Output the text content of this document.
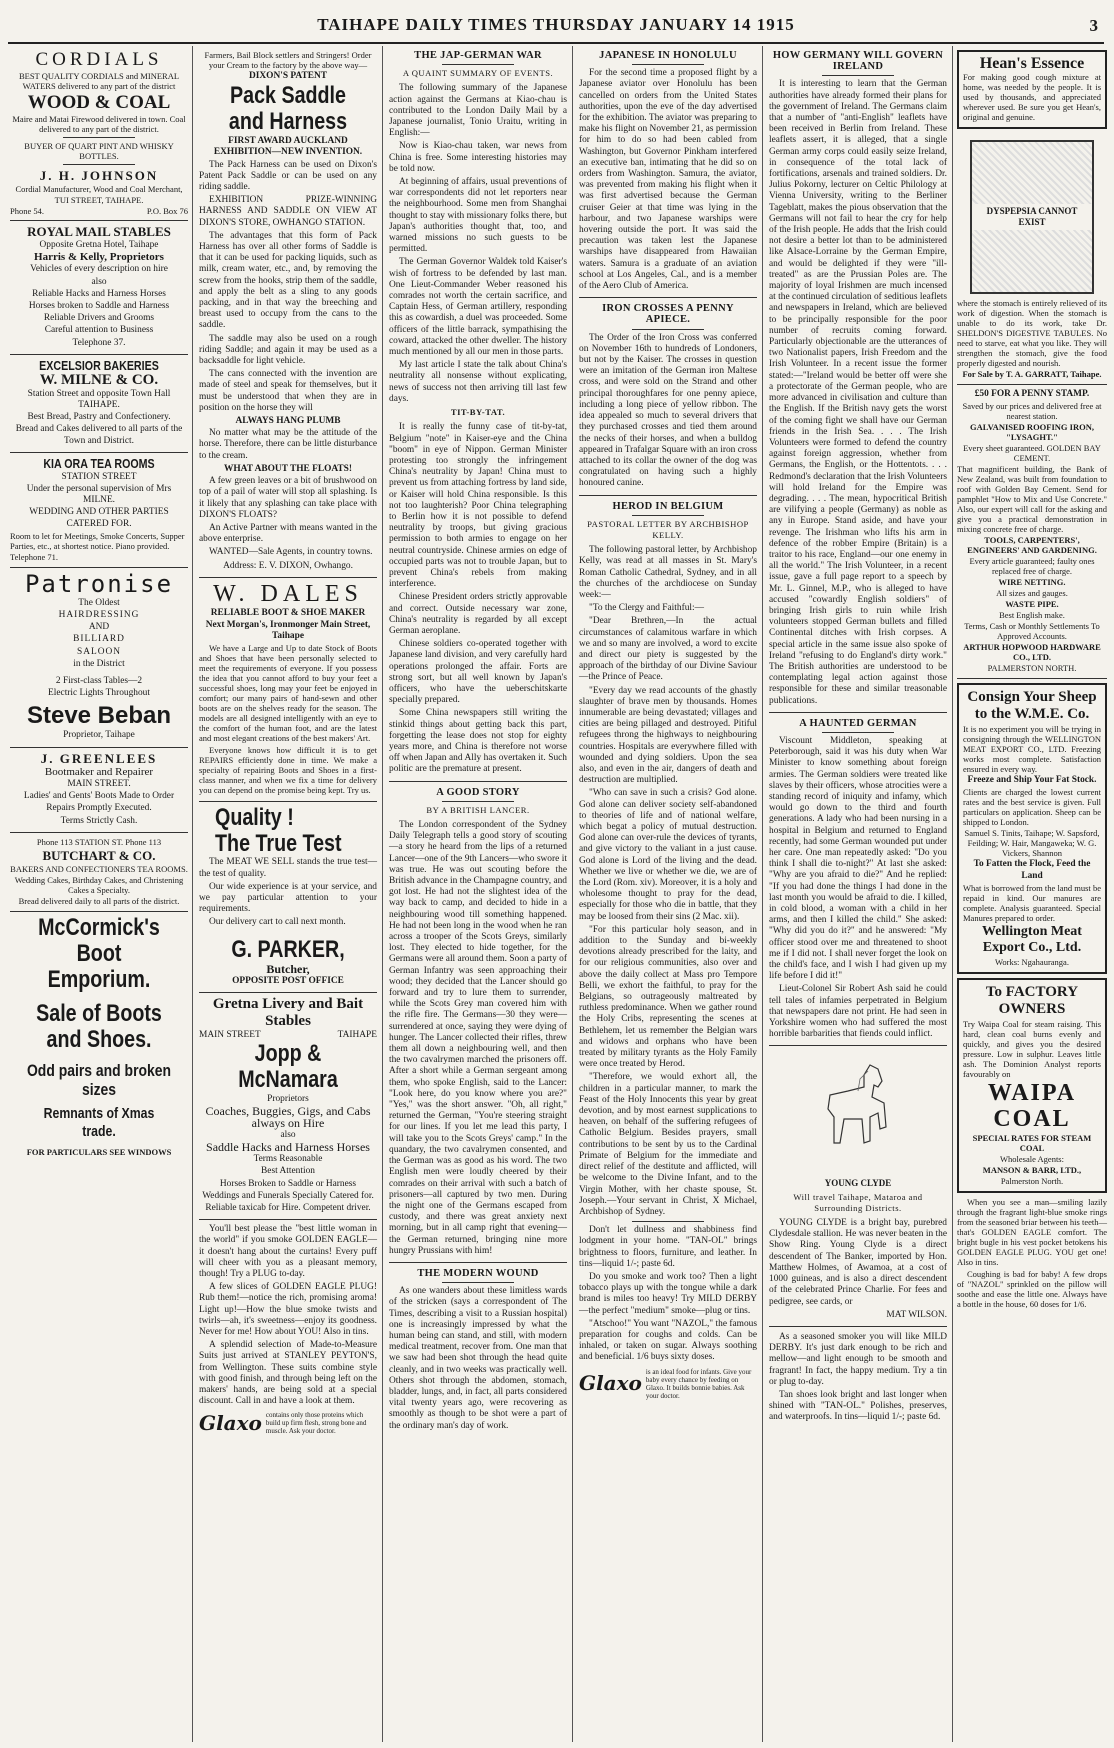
TAIHAPE DAILY TIMES THURSDAY JANUARY 14 1915	3
CORDIALS

BEST QUALITY CORDIALS and MINERAL WATERS delivered to any part of the district

WOOD & COAL

Maire and Matai Firewood delivered in town. Coal delivered to any part of the district.

BUYER OF QUART PINT AND WHISKY BOTTLES.

J. H. JOHNSON

Cordial Manufacturer, Wood and Coal Merchant,

TUI STREET, TAIHAPE.

Phone 54.	P.O. Box 76
ROYAL MAIL STABLES

Opposite Gretna Hotel, Taihape

Harris & Kelly, Proprietors

Vehicles of every description on hire

also

Reliable Hacks and Harness Horses

Horses broken to Saddle and Harness

Reliable Drivers and Grooms

Careful attention to Business

Telephone 37.

EXCELSIOR BAKERIES
W. MILNE & CO.

Station Street and opposite Town Hall TAIHAPE.

Best Bread, Pastry and Confectionery.

Bread and Cakes delivered to all parts of the Town and District.

KIA ORA TEA ROOMS

STATION STREET

Under the personal supervision of Mrs MILNE.

WEDDING AND OTHER PARTIES CATERED FOR.

Room to let for Meetings, Smoke Concerts, Supper Parties, etc., at shortest notice. Piano provided.

Telephone 71.

Patronise

The Oldest

HAIRDRESSING

AND

BILLIARD

SALOON

in the District

2 First-class Tables—2

Electric Lights Throughout

Steve Beban

Proprietor, Taihape

J. GREENLEES

Bootmaker and Repairer

MAIN STREET.

Ladies' and Gents' Boots Made to Order

Repairs Promptly Executed.

Terms Strictly Cash.

Phone 113 STATION ST. Phone 113

BUTCHART & CO.

BAKERS AND CONFECTIONERS TEA ROOMS.

Wedding Cakes, Birthday Cakes, and Christening Cakes a Specialty.

Bread delivered daily to all parts of the district.

McCormick's Boot Emporium.
Sale of Boots and Shoes.
Odd pairs and broken sizes
Remnants of Xmas trade.

FOR PARTICULARS SEE WINDOWS

Farmers, Bail Block settlers and Stringers! Order your Cream to the factory by the above way—

DIXON'S PATENT

Pack Saddle and Harness

FIRST AWARD AUCKLAND EXHIBITION—NEW INVENTION.

The Pack Harness can be used on Dixon's Patent Pack Saddle or can be used on any riding saddle.

EXHIBITION PRIZE-WINNING HARNESS AND SADDLE ON VIEW AT DIXON'S STORE, OWHANGO STATION.

The advantages that this form of Pack Harness has over all other forms of Saddle is that it can be used for packing liquids, such as milk, cream water, etc., and, by removing the screw from the hooks, strip them of the saddle, and apply the belt as a sling to any goods packing, and in that way the breeching and breast used to occupy from the cans to the saddle.

The saddle may also be used on a rough riding Saddle; and again it may be used as a backsaddle for light vehicle.

The cans connected with the invention are made of steel and speak for themselves, but it must be understood that when they are in position on the horse they will

ALWAYS HANG PLUMB

No matter what may be the attitude of the horse. Therefore, there can be little disturbance to the cream.

WHAT ABOUT THE FLOATS!

A few green leaves or a bit of brushwood on top of a pail of water will stop all splashing. Is it likely that any splashing can take place with DIXON'S FLOATS?

An Active Partner with means wanted in the above enterprise.

WANTED—Sale Agents, in country towns.

Address: E. V. DIXON, Owhango.

W. DALES

RELIABLE BOOT & SHOE MAKER

Next Morgan's, Ironmonger Main Street, Taihape

We have a Large and Up to date Stock of Boots and Shoes that have been personally selected to meet the requirements of everyone. If you possess the idea that you cannot afford to buy your feet a successful shoes, long may your feet be enjoyed in comfort; our many pairs of hand-sewn and other boots are on the shelves ready for the season. The models are all designed intelligently with an eye to the comfort of the human foot, and are the latest and most elegant creations of the best makers' Art.

Everyone knows how difficult it is to get REPAIRS efficiently done in time. We make a specialty of repairing Boots and Shoes in a first-class manner, and when we fix a time for delivery you can depend on the promise being kept. Try us.

Quality !
The True Test

The MEAT WE SELL stands the true test—the test of quality.

Our wide experience is at your service, and we pay particular attention to your requirements.

Our delivery cart to call next month.

G. PARKER,

Butcher,

OPPOSITE POST OFFICE

Gretna Livery and Bait Stables
MAIN STREET	TAIHAPE
Jopp & McNamara

Proprietors

Coaches, Buggies, Gigs, and Cabs always on Hire

also

Saddle Hacks and Harness Horses

Terms Reasonable

Best Attention

Horses Broken to Saddle or Harness

Weddings and Funerals Specially Catered for.

Reliable taxicab for Hire. Competent driver.

You'll best please the "best little woman in the world" if you smoke GOLDEN EAGLE—it doesn't hang about the curtains! Every puff will cheer with you as a pleasant memory, though! Try a PLUG to-day.

A few slices of GOLDEN EAGLE PLUG! Rub them!—notice the rich, promising aroma! Light up!—How the blue smoke twists and twirls—ah, it's sweetness—enjoy its goodness. Never for me! How about YOU! Also in tins.

A splendid selection of Made-to-Measure Suits just arrived at STANLEY PEYTON'S, from Wellington. These suits combine style with good finish, and through being left on the makers' hands, are being sold at a special discount. Call in and have a look at them.

Glaxo contains only those proteins which build up firm flesh, strong bone and muscle. Ask your doctor.
THE JAP-GERMAN WAR
A QUAINT SUMMARY OF EVENTS.

The following summary of the Japanese action against the Germans at Kiao-chau is contributed to the London Daily Mail by a Japanese journalist, Tonio Uraitu, writing in English:—

Now is Kiao-chau taken, war news from China is free. Some interesting histories may be told now.

At beginning of affairs, usual preventions of war correspondents did not let reporters near the neighbourhood. Some men from Shanghai thought to stay with missionary folks there, but Japan's authorities thought that, too, and warned missions no such guests to be permitted.

The German Governor Waldek told Kaiser's wish of fortress to be defended by last man. One Lieut-Commander Weber reasoned his comrades not worth the certain sacrifice, and Captain Hess, of German artillery, responding this as cowardish, a duel was proceeded. Some officers of the little barrack, sympathising the coward, attacked the other dweller. The history much mentioned by all our men in those parts.

My last article I state the talk about China's neutrality all nonsense without explicating, news of success not then arriving till last few days.

TIT-BY-TAT.

It is really the funny case of tit-by-tat, Belgium "note" in Kaiser-eye and the China "boom" in eye of Nippon. German Minister protesting too strongly the infringement China's neutrality by Japan! China must to prevent us from attaching fortress by land side, or Kaiser will hold China responsible. Is this not too laughterish? Poor China telegraphing to Berlin how it is not possible to defend neutrality by troops, but giving gracious permission to both armies to engage on her neutral countryside. Chinese armies on edge of occupied parts was not to trouble Japan, but to prevent China's rebels from making interference.

Chinese President orders strictly approvable and correct. Outside necessary war zone, China's neutrality is regarded by all except German aeroplane.

Chinese soldiers co-operated together with Japanese land division, and very carefully hard operations prolonged the affair. Forts are strong sort, but all well known by Japan's officers, who have the ueberschitskarte specially prepared.

Some China newspapers still writing the stinkid things about getting back this part, forgetting the lease does not stop for eighty years more, and China is therefore not worse off when Japan and Ally has overtaken it. Such politic are the premature at present.

A GOOD STORY
BY A BRITISH LANCER.

The London correspondent of the Sydney Daily Telegraph tells a good story of scouting—a story he heard from the lips of a returned Lancer—one of the 9th Lancers—who swore it was true. He was out scouting before the British advance in the Champagne country, and got lost. He had not the slightest idea of the way back to camp, and decided to hide in a neighbouring wood till something happened. He had not been long in the wood when he ran across a trooper of the Scots Greys, similarly lost. They elected to hide together, for the Germans were all around them. Soon a party of German Infantry was seen approaching their wood; they decided that the Lancer should go forward and try to lure them to surrender, while the Scots Grey man covered him with the rifle fire. The Germans—30 they were—surrendered at once, saying they were dying of hunger. The Lancer collected their rifles, threw them all down a neighbouring well, and then the two cavalrymen marched the prisoners off. After a short while a German sergeant among them, who spoke English, said to the Lancer: "Look here, do you know where you are?" "Yes," was the short answer. "Oh, all right," returned the German, "You're steering straight for our lines. If you let me lead this party, I will take you to the Scots Greys' camp." In the quandary, the two cavalrymen consented, and the German was as good as his word. The two English men were loudly cheered by their comrades on their arrival with such a batch of prisoners—all captured by two men. During the night one of the Germans escaped from custody, and there was great anxiety next morning, but in all camp right that evening—the German returned, bringing nine more hungry Prussians with him!

THE MODERN WOUND

As one wanders about these limitless wards of the stricken (says a correspondent of The Times, describing a visit to a Russian hospital) one is increasingly impressed by what the human being can stand, and still, with modern medical treatment, recover from. One man that we saw had been shot through the head quite cleanly, and in two weeks was practically well. Others shot through the abdomen, stomach, bladder, lungs, and, in fact, all parts considered vital twenty years ago, were recovering as smoothly as though to be shot were a part of the ordinary man's day of work.

JAPANESE IN HONOLULU

For the second time a proposed flight by a Japanese aviator over Honolulu has been cancelled on orders from the United States authorities, upon the eve of the day advertised for the exhibition. The aviator was preparing to make his flight on November 21, as permission for him to do so had been cabled from Washington, but Governor Pinkham interfered an executive ban, intimating that he did so on orders from Washington. Samura, the aviator, was prevented from making his flight when it was first advertised because the German cruiser Geier at that time was lying in the harbour, and two Japanese warships were hovering outside the port. It was said the precaution was taken lest the Japanese warships have disappeared from Hawaiian waters. Samura is a graduate of an aviation school at Los Angeles, Cal., and is a member of the Aero Club of America.

IRON CROSSES A PENNY APIECE.

The Order of the Iron Cross was conferred on November 16th to hundreds of Londoners, but not by the Kaiser. The crosses in question were an imitation of the German iron Maltese cross, and were sold on the Strand and other principal thoroughfares for one penny apiece, including a long piece of yellow ribbon. The idea appealed so much to several drivers that they purchased crosses and tied them around the necks of their horses, and when a bulldog appeared in Trafalgar Square with an iron cross attached to its collar the owner of the dog was congratulated on having such a highly honoured canine.

HEROD IN BELGIUM
PASTORAL LETTER BY ARCHBISHOP KELLY.

The following pastoral letter, by Archbishop Kelly, was read at all masses in St. Mary's Roman Catholic Cathedral, Sydney, and in all the churches of the archdiocese on Sunday week:—

"To the Clergy and Faithful:—

"Dear Brethren,—In the actual circumstances of calamitous warfare in which we and so many are involved, a word to excite and direct our piety is suggested by the approach of the birthday of our Divine Saviour—the Prince of Peace.

"Every day we read accounts of the ghastly slaughter of brave men by thousands. Homes innumerable are being devastated; villages and cities are being pillaged and destroyed. Pitiful refugees throng the highways to neighbouring countries. Hospitals are everywhere filled with wounded and dying soldiers. Upon the sea also, and even in the air, dangers of death and destruction are multiplied.

"Who can save in such a crisis? God alone. God alone can deliver society self-abandoned to theories of life and of national welfare, which begat a policy of mutual destruction. God alone can over-rule the devices of tyrants, and give victory to the valiant in a just cause. God alone is Lord of the living and the dead. Whether we live or whether we die, we are of the Lord (Rom. xiv). Moreover, it is a holy and wholesome thought to pray for the dead, especially for those who die in battle, that they may be loosed from their sins (2 Mac. xii).

"For this particular holy season, and in addition to the Sunday and bi-weekly devotions already prescribed for the laity, and for our religious communities, also over and above the daily collect at Mass pro Tempore Belli, we exhort the faithful, to pray for the Belgians, so outrageously maltreated by ruthless predominance. When we gather round the Holy Cribs, representing the scenes at Bethlehem, let us remember the Belgian wars and widows and orphans who have been treated by military tyrants as the Holy Family were once treated by Herod.

"Therefore, we would exhort all, the children in a particular manner, to mark the Feast of the Holy Innocents this year by great devotion, and by most earnest supplications to heaven, on behalf of the suffering refugees of Catholic Belgium. Besides prayers, small contributions to be sent by us to the Cardinal Primate of Belgium for the immediate and direct relief of the destitute and afflicted, will be welcome to the Divine Infant, and to the Virgin Mother, with her chaste spouse, St. Joseph.—Your servant in Christ, X Michael, Archbishop of Sydney.

Don't let dullness and shabbiness find lodgment in your home. "TAN-OL" brings brightness to floors, furniture, and leather. In tins—liquid 1/-; paste 6d.

Do you smoke and work too? Then a light tobacco plays up with the tongue while a dark brand is miles too heavy! Try MILD DERBY—the perfect "medium" smoke—plug or tins.

"Atschoo!" You want "NAZOL," the famous preparation for coughs and colds. Can be inhaled, or taken on sugar. Always soothing and beneficial. 1/6 buys sixty doses.

Glaxo is an ideal food for infants. Give your baby every chance by feeding on Glaxo. It builds bonnie babies. Ask your doctor.
HOW GERMANY WILL GOVERN IRELAND

It is interesting to learn that the German authorities have already formed their plans for the government of Ireland. The Germans claim that a number of "anti-English" leaflets have been received in Berlin from Ireland. These leaflets assert, it is alleged, that a single German army corps could easily seize Ireland, in consequence of the total lack of fortifications, arsenals and trained soldiers. Dr. Julius Pokorny, lecturer on Celtic Philology at Vienna University, writing to the Berliner Tageblatt, makes the pious observation that the Germans will not fail to hear the cry for help of the Irish people. He adds that the Irish could not desire a better lot than to be administered like Alsace-Lorraine by the German Empire, and would be delighted if they were "ill-treated" as are the Prussian Poles are. The majority of loyal Irishmen are much incensed at the continued circulation of seditious leaflets and newspapers in Ireland, which are believed to be principally responsible for the poor number of recruits coming forward. Particularly objectionable are the utterances of two Nationalist papers, Irish Freedom and the Irish Volunteer. In a recent issue the former stated:—"Ireland would be better off were she a protectorate of the German people, who are more advanced in civilisation and culture than the English. If the British navy gets the worst of the coming fight we shall have our German friends in the Irish Sea. . . . The Irish Volunteers were formed to defend the country against foreign aggression, whether from Germans, the English, or the Hottentots. . . . Redmond's declaration that the Irish Volunteers will hold Ireland for the Empire was degrading. . . . The mean, hypocritical British are vilifying a people (Germany) as noble as any in Europe. Stand aside, and have your revenge. The Irishman who lifts his arm in defence of the robber Empire (Britain) is a traitor to his race, England—our one enemy in all the world." The Irish Volunteer, in a recent issue, gave a full page report to a speech by Mr. L. Ginnel, M.P., who is alleged to have accused "cowardly English soldiers" of bringing Irish girls to ruin while Irish volunteers stopped German bullets and filled Continental ditches with Irish corpses. A special article in the same issue also spoke of Ireland "refusing to do England's dirty work." The British authorities are understood to be contemplating legal action against those responsible for these and similar treasonable publications.

A HAUNTED GERMAN

Viscount Middleton, speaking at Peterborough, said it was his duty when War Minister to know something about foreign armies. The German soldiers were treated like slaves by their officers, whose atrocities were a standing record of iniquity and infamy, which would go down to the third and fourth generations. A lady who had been nursing in a hospital in Belgium and returned to England recently, had some German wounded put under her care. One man repeatedly asked: "Do you think I shall die to-night?" At last she asked: "Why are you afraid to die?" And he replied: "If you had done the things I had done in the last month you would be afraid to die. I killed, in cold blood, a woman with a child in her arms, and then I killed the child." She asked: "Why did you do it?" and he answered: "My officer stood over me and threatened to shoot me if I did not. I shall never forget the look on the child's face, and I wish I had given up my life before I did it!"

Lieut-Colonel Sir Robert Ash said he could tell tales of infamies perpetrated in Belgium that newspapers dare not print. He had seen in Yorkshire women who had suffered the most horrible barbarities that fiends could inflict.

YOUNG CLYDE
Will travel Taihape, Mataroa and Surrounding Districts.

YOUNG CLYDE is a bright bay, purebred Clydesdale stallion. He was never beaten in the Show Ring. Young Clyde is a direct descendent of The Banker, imported by Hon. Matthew Holmes, of Awamoa, at a cost of 1000 guineas, and is also a direct descendent of the celebrated Prince Charlie. For fees and pedigree, see cards, or

MAT WILSON.

As a seasoned smoker you will like MILD DERBY. It's just dark enough to be rich and mellow—and light enough to be smooth and fragrant! In fact, the happy medium. Try a tin or plug to-day.

Tan shoes look bright and last longer when shined with "TAN-OL." Polishes, preserves, and waterproofs. In tins—liquid 1/-; paste 6d.

Hean's Essence

For making good cough mixture at home, was needed by the people. It is used by thousands, and appreciated wherever used. Be sure you get Hean's, original and genuine.

DYSPEPSIA CANNOT EXIST

where the stomach is entirely relieved of its work of digestion. When the stomach is unable to do its work, take Dr. SHELDON'S DIGESTIVE TABULES. No need to starve, eat what you like. They will strengthen the stomach, give the food properly digested and nourish.

For Sale by T. A. GARRATT, Taihape.

£50 FOR A PENNY STAMP.

Saved by our prices and delivered free at nearest station.

GALVANISED ROOFING IRON, "LYSAGHT."

Every sheet guaranteed. GOLDEN BAY CEMENT.

That magnificent building, the Bank of New Zealand, was built from foundation to roof with Golden Bay Cement. Send for pamphlet "How to Mix and Use Concrete." Also, our expert will call for the asking and give you a practical demonstration in mixing concrete free of charge.

TOOLS, CARPENTERS', ENGINEERS' AND GARDENING.

Every article guaranteed; faulty ones replaced free of charge.

WIRE NETTING.

All sizes and gauges.

WASTE PIPE.

Best English make.

Terms, Cash or Monthly Settlements To Approved Accounts.

ARTHUR HOPWOOD HARDWARE CO., LTD.

PALMERSTON NORTH.

Consign Your Sheep to the W.M.E. Co.

It is no experiment you will be trying in consigning through the WELLINGTON MEAT EXPORT CO., LTD. Freezing works most complete. Satisfaction ensured in every way.

Freeze and Ship Your Fat Stock.

Clients are charged the lowest current rates and the best service is given. Full particulars on application. Sheep can be shipped to London.

Samuel S. Tinits, Taihape; W. Sapsford, Feilding; W. Hair, Mangaweka; W. G. Vickers, Shannon

To Fatten the Flock, Feed the Land

What is borrowed from the land must be repaid in kind. Our manures are complete. Analysis guaranteed. Special Manures prepared to order.

Wellington Meat Export Co., Ltd.

Works: Ngahauranga.

To FACTORY OWNERS

Try Waipa Coal for steam raising. This hard, clean coal burns evenly and quickly, and gives you the desired pressure. Low in sulphur. Leaves little ash. The Dominion Analyst reports favourably on

WAIPA COAL

SPECIAL RATES FOR STEAM COAL

Wholesale Agents:

MANSON & BARR, LTD.,

Palmerston North.

When you see a man—smiling lazily through the fragrant light-blue smoke rings from the seasoned briar between his teeth—that's GOLDEN EAGLE comfort. The bright bugle in his vest pocket betokens his GOLDEN EAGLE PLUG. YOU get one! Also in tins.

Coughing is bad for baby! A few drops of "NAZOL" sprinkled on the pillow will soothe and ease the little one. Always have a bottle in the house, 60 doses for 1/6.
